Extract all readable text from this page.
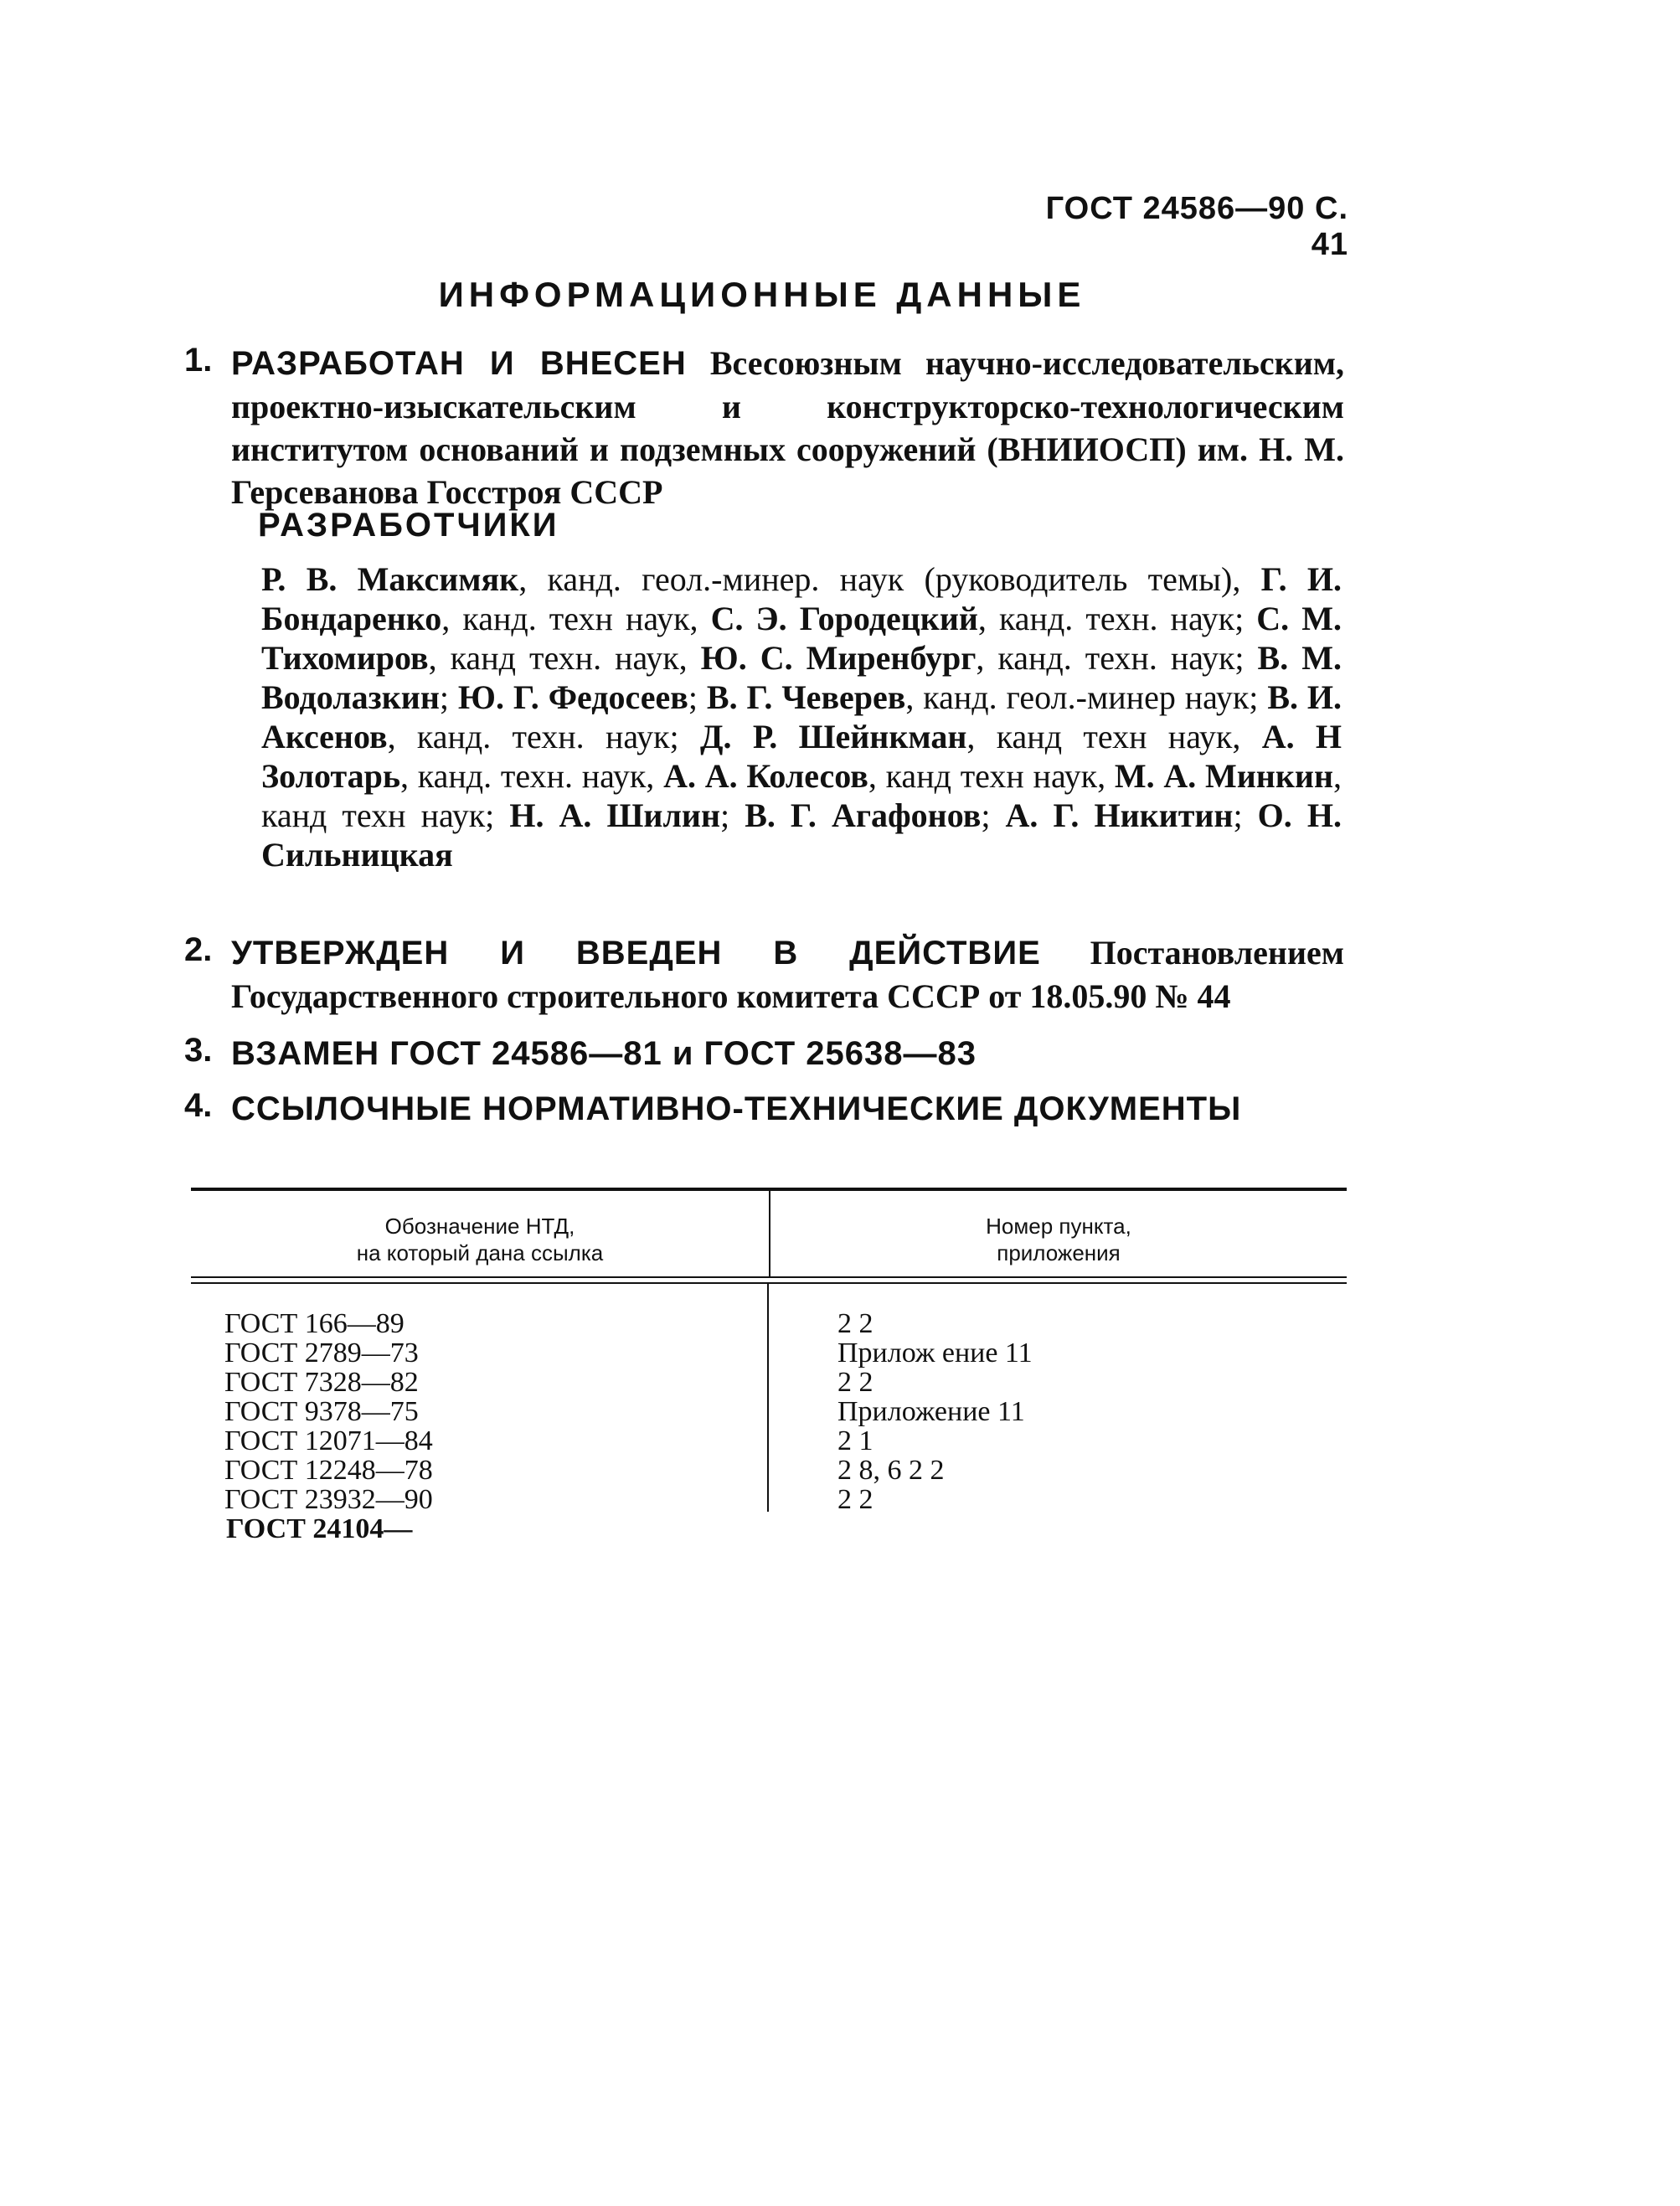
ГОСТ 24586—90 С. 41
ИНФОРМАЦИОННЫЕ ДАННЫЕ
1. РАЗРАБОТАН И ВНЕСЕН Всесоюзным научно-исследовательским, проектно-изыскательским и конструкторско-технологическим институтом оснований и подземных сооружений (ВНИИОСП) им. Н. М. Герсеванова Госстроя СССР
РАЗРАБОТЧИКИ
Р. В. Максимяк, канд. геол.-минер. наук (руководитель темы), Г. И. Бондаренко, канд. техн наук, С. Э. Городецкий, канд. техн. наук; С. М. Тихомиров, канд техн. наук, Ю. С. Миренбург, канд. техн. наук; В. М. Водолазкин; Ю. Г. Федосеев; В. Г. Чеверев, канд. геол.-минер наук; В. И. Аксенов, канд. техн. наук; Д. Р. Шейнкман, канд техн наук, А. Н Золотарь, канд. техн. наук, А. А. Колесов, канд техн наук, М. А. Минкин, канд техн наук; Н. А. Шилин; В. Г. Агафонов; А. Г. Никитин; О. Н. Сильницкая
2. УТВЕРЖДЕН И ВВЕДЕН В ДЕЙСТВИЕ Постановлением Государственного строительного комитета СССР от 18.05.90 № 44
3. ВЗАМЕН ГОСТ 24586—81 и ГОСТ 25638—83
4. ССЫЛОЧНЫЕ НОРМАТИВНО-ТЕХНИЧЕСКИЕ ДОКУМЕНТЫ
Обозначение НТД,
на который дана ссылка
Номер пункта,
приложения
ГОСТ 166—89
ГОСТ 2789—73
ГОСТ 7328—82
ГОСТ 9378—75
ГОСТ 12071—84
ГОСТ 12248—78
ГОСТ 23932—90
2 2
Прилож ение 11
2 2
Приложение 11
2 1
2 8, 6 2 2
2 2
ГОСТ 24104—
